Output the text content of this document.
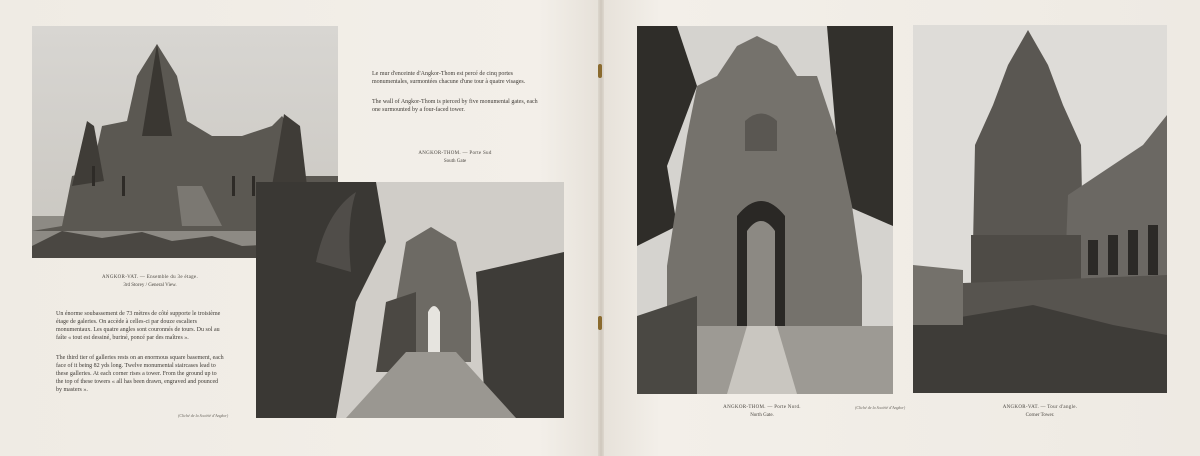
Le mur d'enceinte d'Angkor-Thom est percé de cinq portes monumentales, surmontées chacune d'une tour à quatre visages.
The wall of Angkor-Thom is pierced by five monumental gates, each one surmounted by a four-faced tower.
ANGKOR-THOM. — Porte Sud
South Gate
ANGKOR-VAT. — Ensemble du 3e étage.
3rd Storey / General View.
Un énorme soubassement de 73 mètres de côté supporte le troisième étage de galeries. On accède à celles-ci par douze escaliers monumentaux. Les quatre angles sont couronnés de tours. Du sol au faîte « tout est dessiné, buriné, poncé par des maîtres ».
The third tier of galleries rests on an enormous square basement, each face of it being 82 yds long. Twelve monumental staircases lead to these galleries. At each corner rises a tower. From the ground up to the top of these towers « all has been drawn, engraved and pounced by masters ».
(Cliché de la Société d'Angkor)
ANGKOR-THOM. — Porte Nord.
North Gate.
(Cliché de la Société d'Angkor)	ANGKOR-VAT. — Tour d'angle.
Corner Tower.
